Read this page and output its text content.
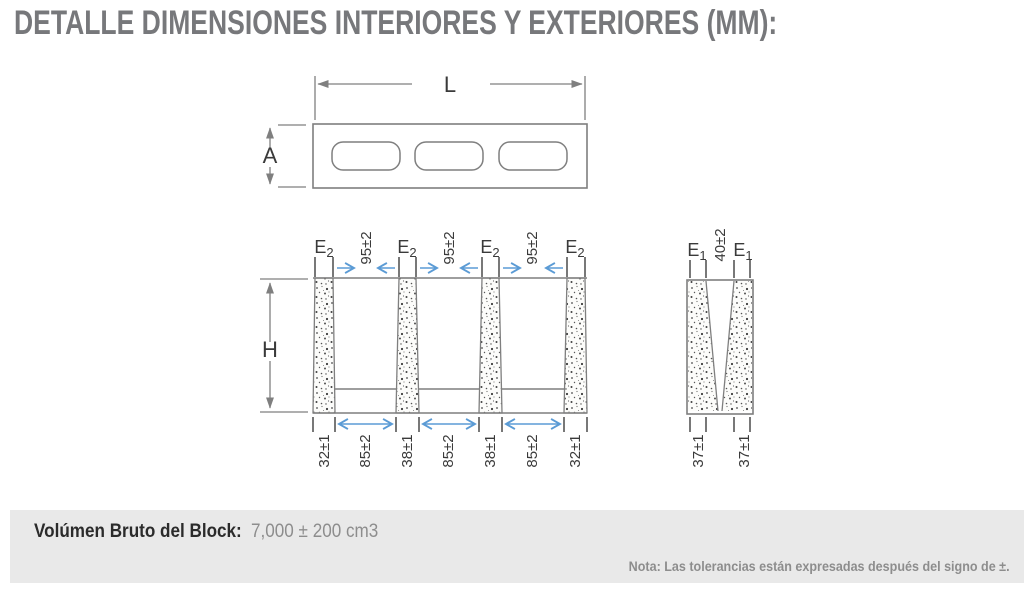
DETALLE DIMENSIONES INTERIORES Y EXTERIORES (MM):
L
A
H
$E_2$	$E_2$	$E_2$	$E_2$
95±2	95±2	95±2
32±1 85±2 38±1 85±2 38±1 85±2 32±1
$E_1$ $E_1$
40±2
37±1 37±1
Volúmen Bruto del Block: 7,000 ± 200 cm3
Nota: Las tolerancias están expresadas después del signo de ±.
